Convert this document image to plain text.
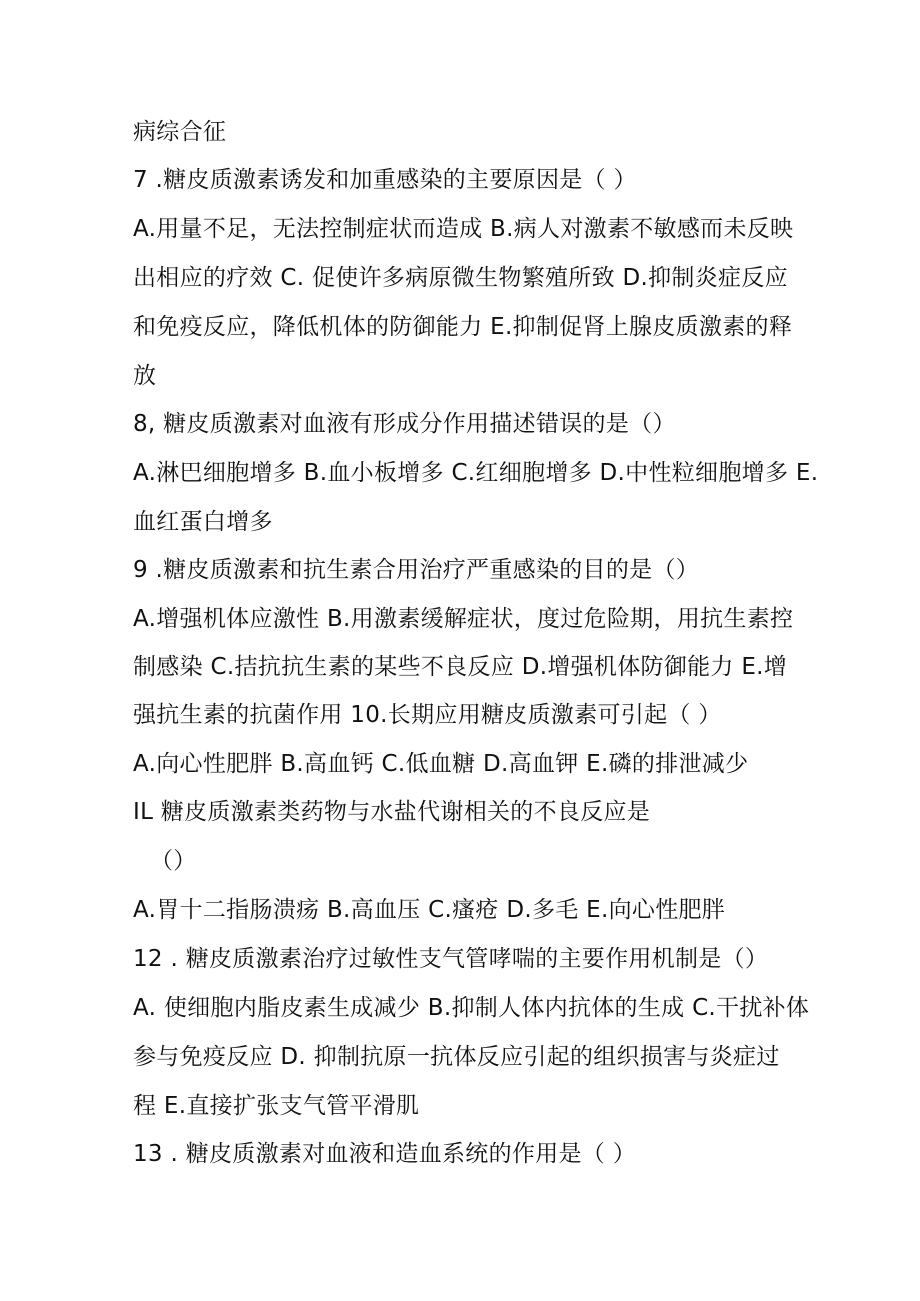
病综合征

7 .糖皮质激素诱发和加重感染的主要原因是（ ）

A.用量不足，无法控制症状而造成 B.病人对激素不敏感而未反映

出相应的疗效 C. 促使许多病原微生物繁殖所致 D.抑制炎症反应

和免疫反应，降低机体的防御能力 E.抑制促肾上腺皮质激素的释

放

8, 糖皮质激素对血液有形成分作用描述错误的是（）

A.淋巴细胞增多 B.血小板增多 C.红细胞增多 D.中性粒细胞增多 E.

血红蛋白增多

9 .糖皮质激素和抗生素合用治疗严重感染的目的是（）

A.增强机体应激性 B.用激素缓解症状，度过危险期，用抗生素控

制感染 C.拮抗抗生素的某些不良反应 D.增强机体防御能力 E.增

强抗生素的抗菌作用 10.长期应用糖皮质激素可引起（ ）

A.向心性肥胖 B.高血钙 C.低血糖 D.高血钾 E.磷的排泄减少

IL 糖皮质激素类药物与水盐代谢相关的不良反应是

（）

A.胃十二指肠溃疡 B.高血压 C.瘙疮 D.多毛 E.向心性肥胖

12 . 糖皮质激素治疗过敏性支气管哮喘的主要作用机制是（）

A. 使细胞内脂皮素生成减少 B.抑制人体内抗体的生成 C.干扰补体

参与免疫反应 D. 抑制抗原一抗体反应引起的组织损害与炎症过

程 E.直接扩张支气管平滑肌

13 . 糖皮质激素对血液和造血系统的作用是（ ）
